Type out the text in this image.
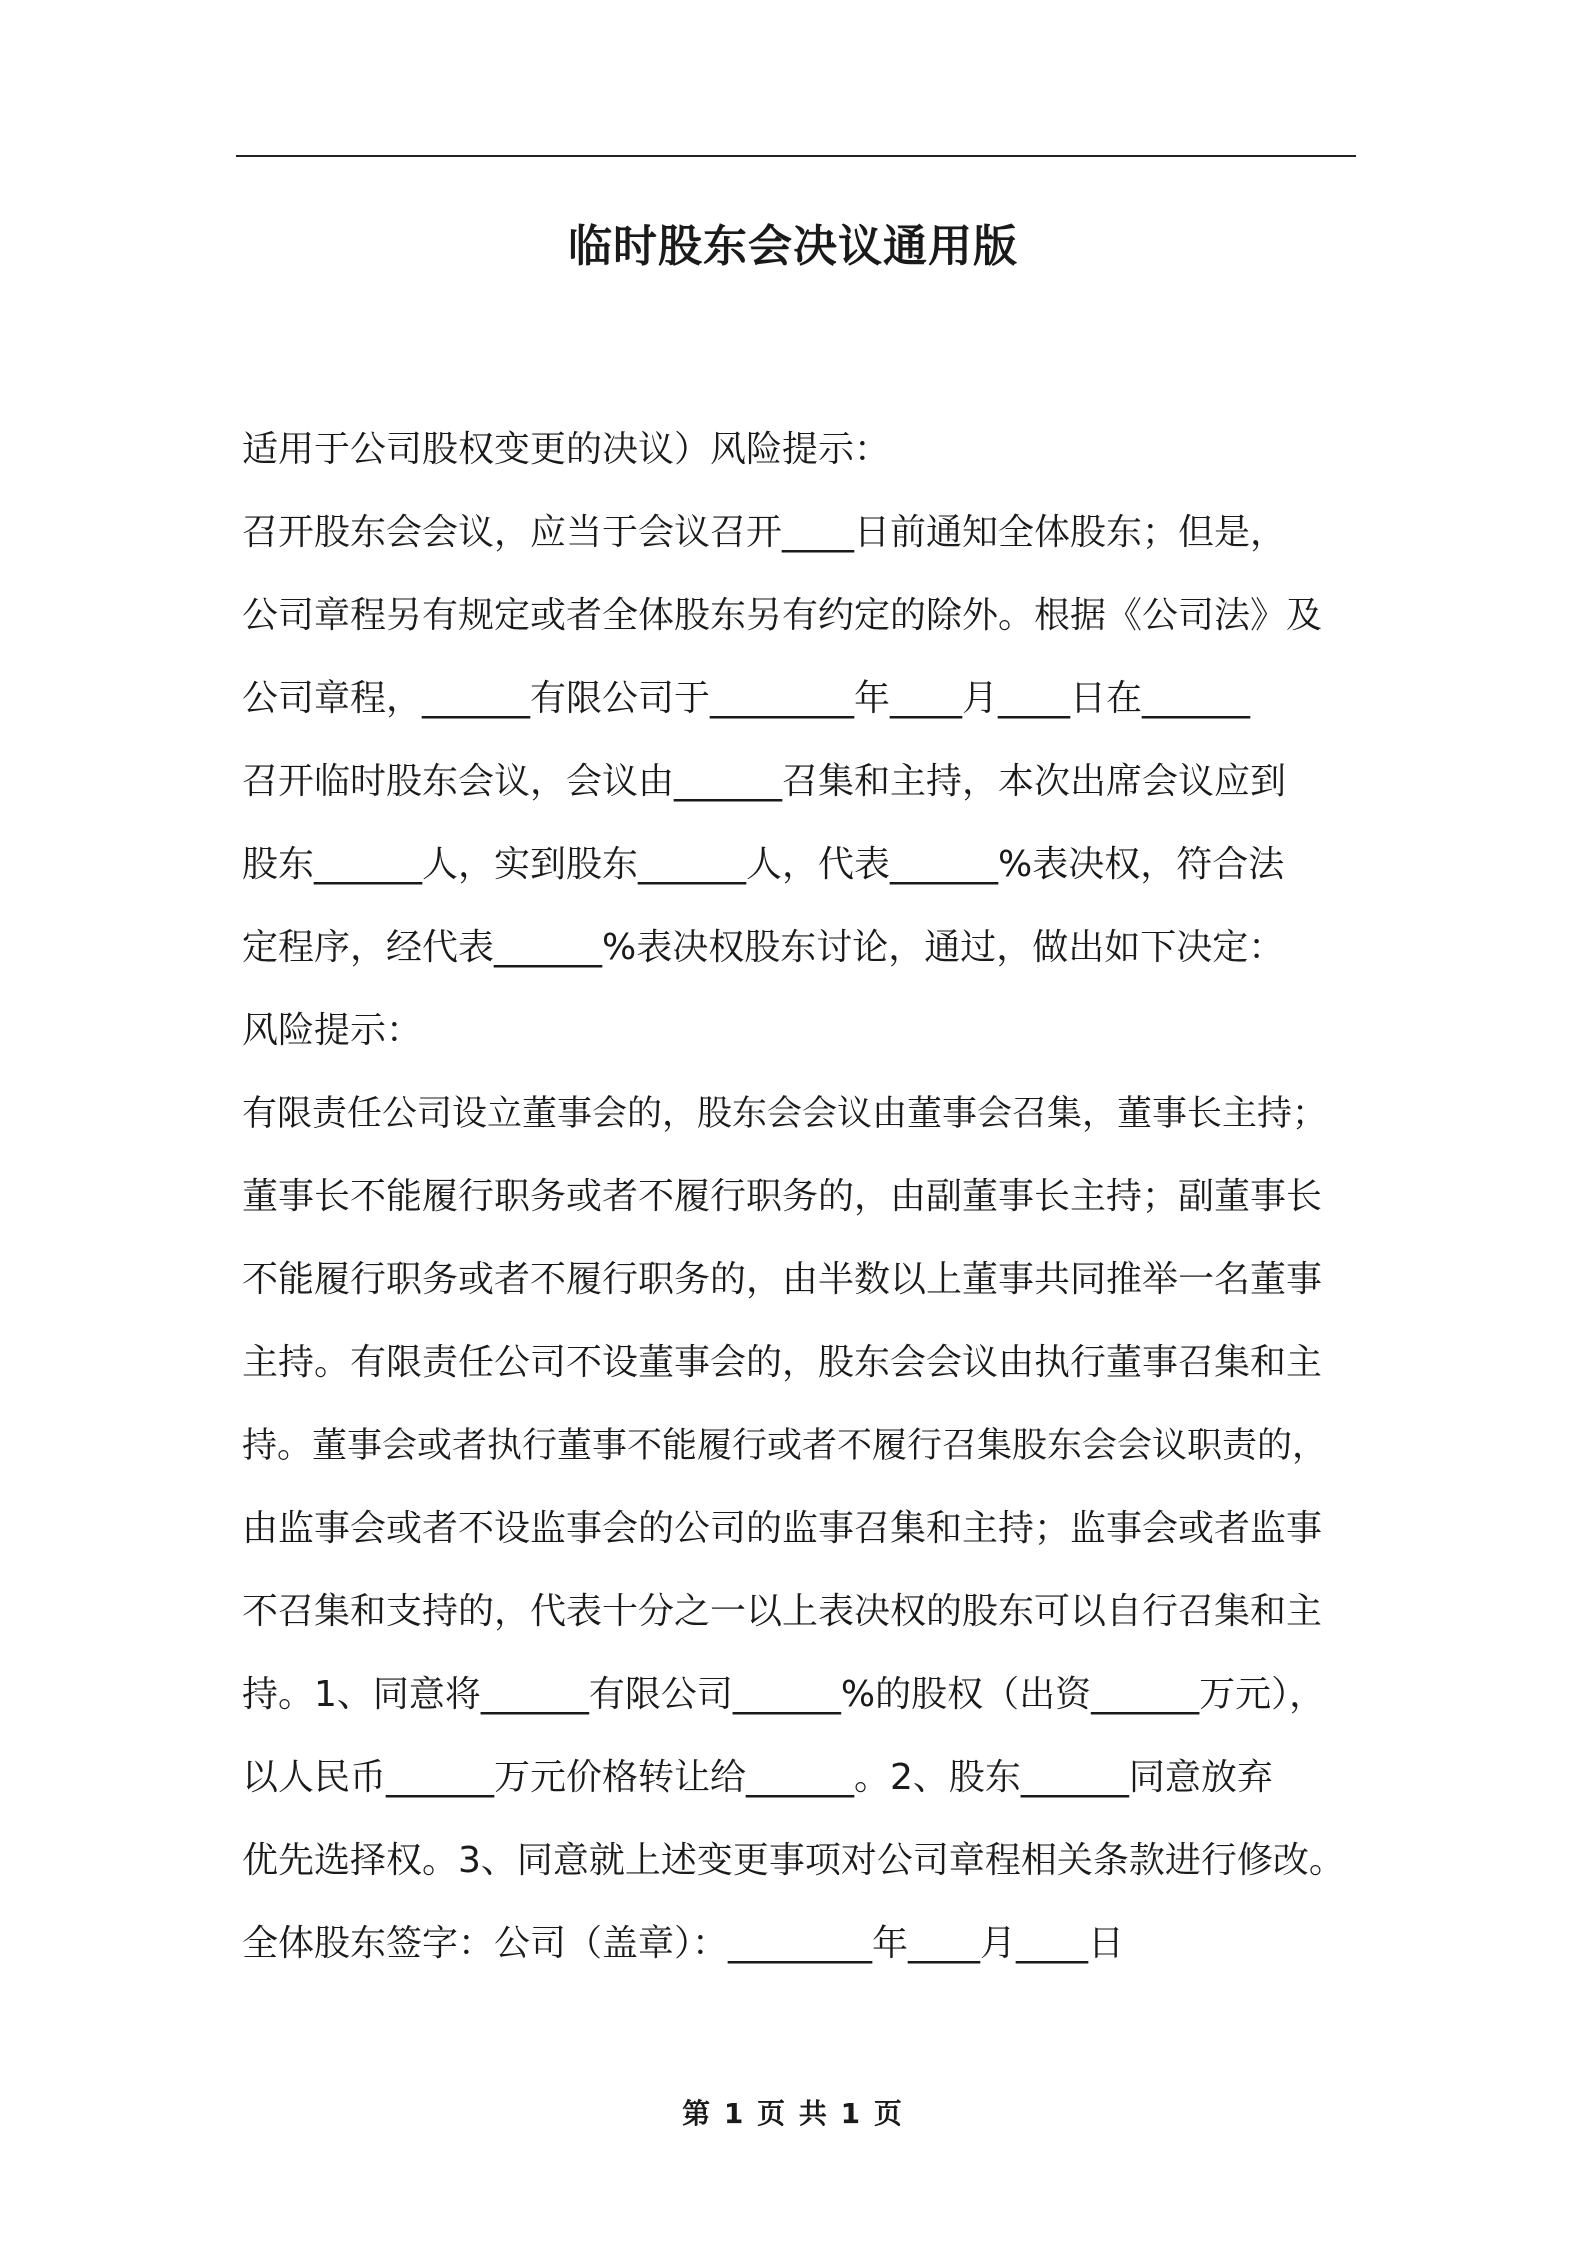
临时股东会决议通用版
适用于公司股权变更的决议）风险提示：
召开股东会会议，应当于会议召开____日前通知全体股东；但是，
公司章程另有规定或者全体股东另有约定的除外。根据《公司法》及
公司章程，______有限公司于________年____月____日在______
召开临时股东会议，会议由______召集和主持，本次出席会议应到
股东______人，实到股东______人，代表______%表决权，符合法
定程序，经代表______%表决权股东讨论，通过，做出如下决定：
风险提示：
有限责任公司设立董事会的，股东会会议由董事会召集，董事长主持；
董事长不能履行职务或者不履行职务的，由副董事长主持；副董事长
不能履行职务或者不履行职务的，由半数以上董事共同推举一名董事
主持。有限责任公司不设董事会的，股东会会议由执行董事召集和主
持。董事会或者执行董事不能履行或者不履行召集股东会会议职责的，
由监事会或者不设监事会的公司的监事召集和主持；监事会或者监事
不召集和支持的，代表十分之一以上表决权的股东可以自行召集和主
持。1、同意将______有限公司______%的股权（出资______万元），
以人民币______万元价格转让给______。2、股东______同意放弃
优先选择权。3、同意就上述变更事项对公司章程相关条款进行修改。
全体股东签字：公司（盖章）：________年____月____日
第 1 页 共 1 页
